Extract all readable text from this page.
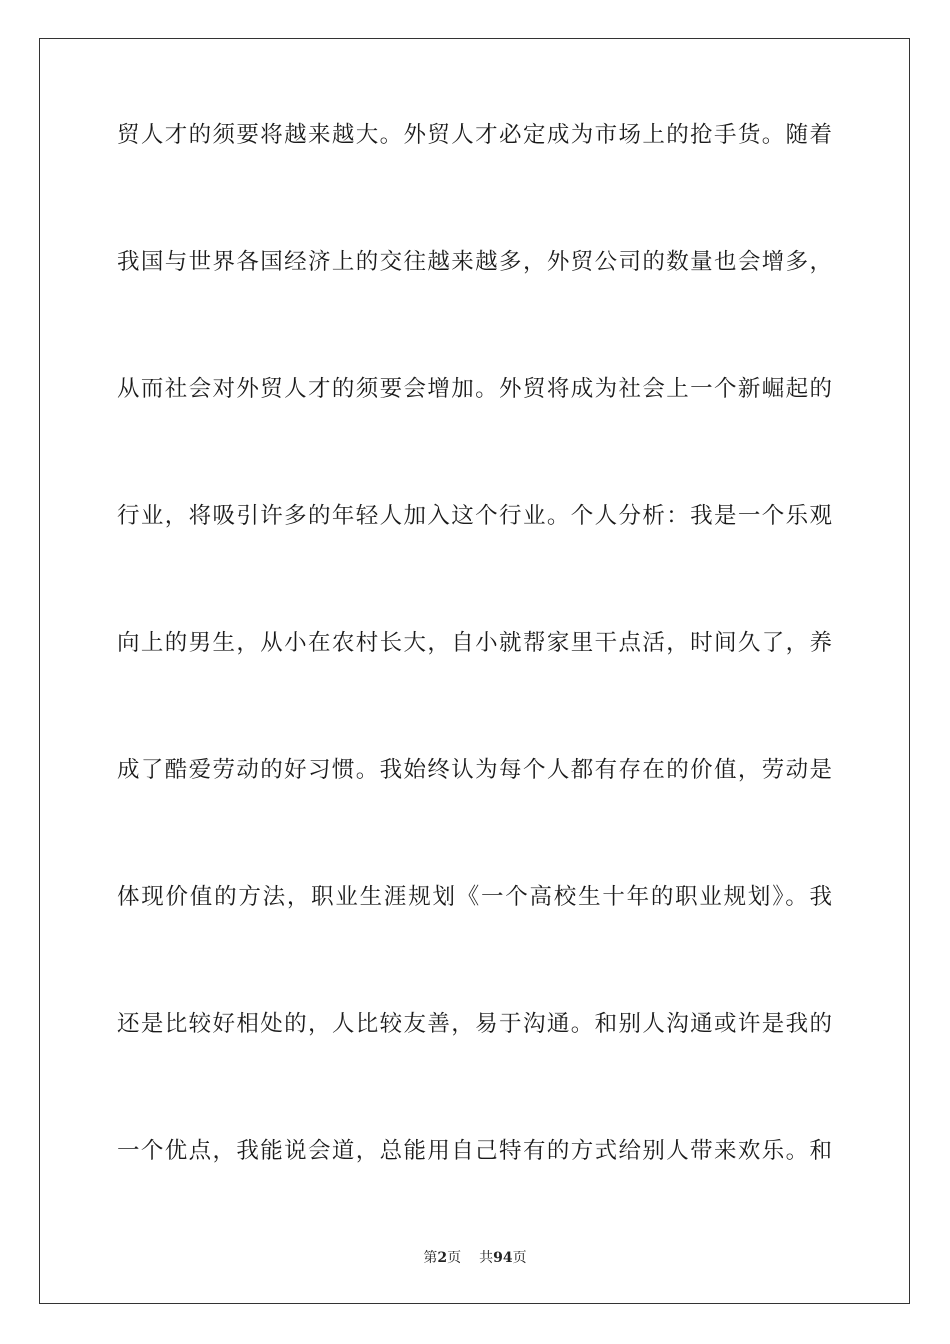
贸人才的须要将越来越大。外贸人才必定成为市场上的抢手货。随着
我国与世界各国经济上的交往越来越多，外贸公司的数量也会增多，
从而社会对外贸人才的须要会增加。外贸将成为社会上一个新崛起的
行业，将吸引许多的年轻人加入这个行业。个人分析：我是一个乐观
向上的男生，从小在农村长大，自小就帮家里干点活，时间久了，养
成了酷爱劳动的好习惯。我始终认为每个人都有存在的价值，劳动是
体现价值的方法，职业生涯规划《一个高校生十年的职业规划》。我
还是比较好相处的，人比较友善，易于沟通。和别人沟通或许是我的
一个优点，我能说会道，总能用自己特有的方式给别人带来欢乐。和
第2页 共94页
